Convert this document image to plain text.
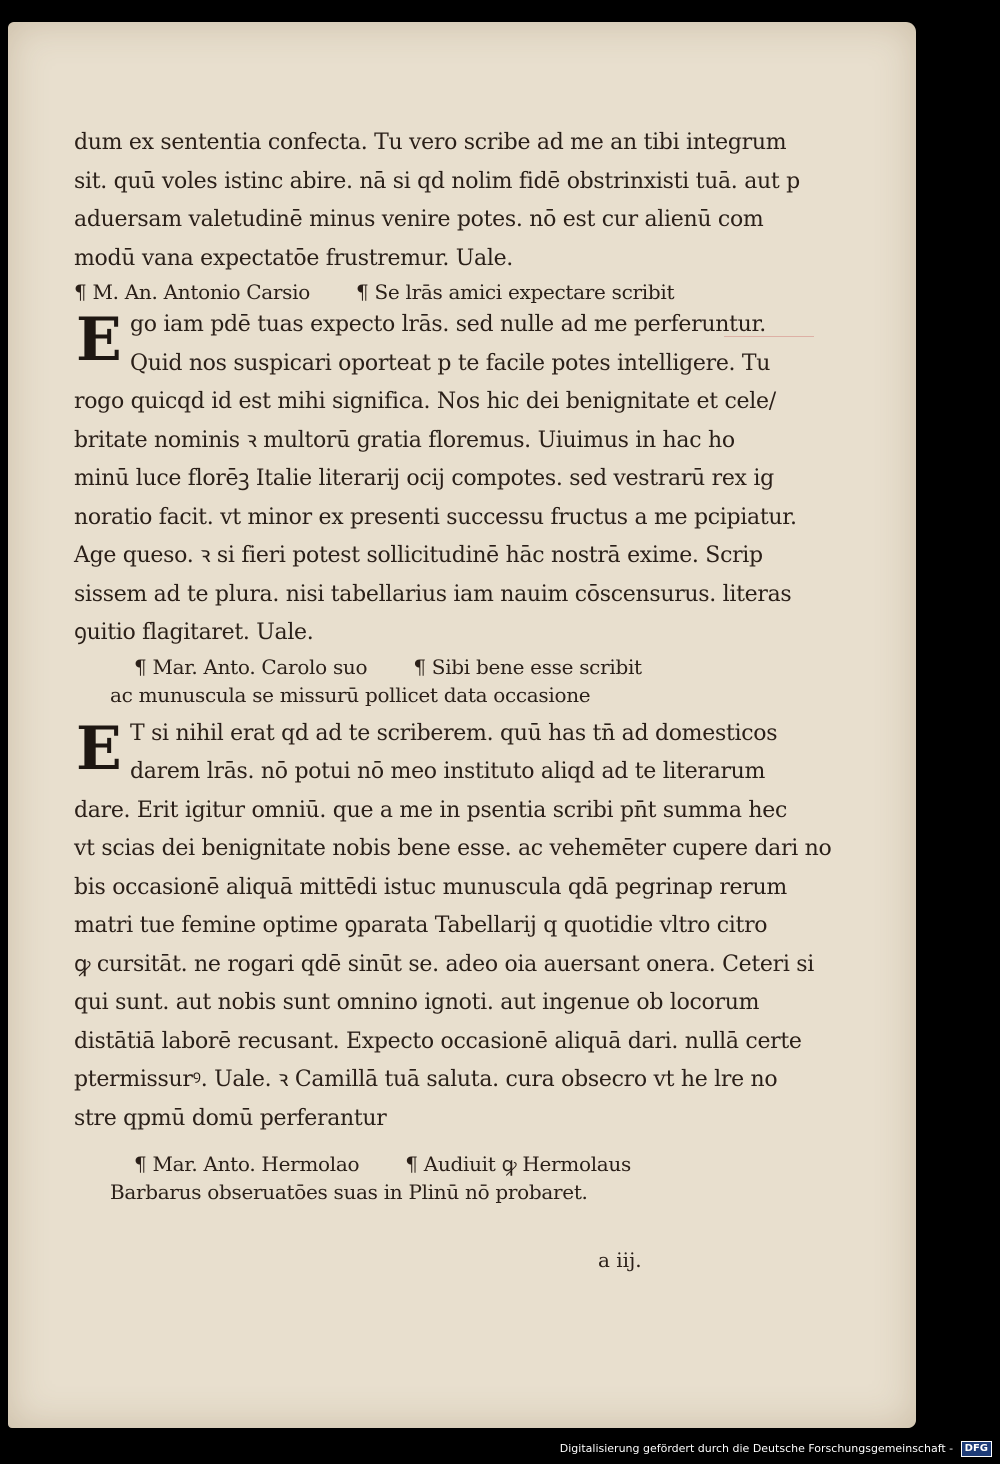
dum ex sententia confecta. Tu vero scribe ad me an tibi integrum
sit. quū voles istinc abire. nā si qd nolim fidē obstrinxisti tuā. aut p
aduersam valetudinē minus venire potes. nō est cur alienū com
modū vana expectatōe frustremur. Uale.
¶ M. An. Antonio Carsio ¶ Se lrās amici expectare scribit
E go iam pdē tuas expecto lrās. sed nulle ad me perferuntur.
Quid nos suspicari oporteat p te facile potes intelligere. Tu
rogo quicqd id est mihi significa. Nos hic dei benignitate et cele/
britate nominis ꝛ multorū gratia floremus. Uiuimus in hac ho
minū luce florēꝫ Italie literarij ocij compotes. sed vestrarū rex ig
noratio facit. vt minor ex presenti successu fructus a me pcipiatur.
Age queso. ꝛ si fieri potest sollicitudinē hāc nostrā exime. Scrip
sissem ad te plura. nisi tabellarius iam nauim cōscensurus. literas
ꝯuitio flagitaret. Uale.
¶ Mar. Anto. Carolo suo ¶ Sibi bene esse scribit
ac munuscula se missurū pollicet data occasione
E T si nihil erat qd ad te scriberem. quū has tn̄ ad domesticos
darem lrās. nō potui nō meo instituto aliqd ad te literarum
dare. Erit igitur omniū. que a me in psentia scribi pn̄t summa hec
vt scias dei benignitate nobis bene esse. ac vehemēter cupere dari no
bis occasionē aliquā mittēdi istuc munuscula qdā pegrinap rerum
matri tue femine optime ꝯparata Tabellarij q quotidie vltro citro
ꝙ cursitāt. ne rogari qdē sinūt se. adeo oia auersant onera. Ceteri si
qui sunt. aut nobis sunt omnino ignoti. aut ingenue ob locorum
distātiā laborē recusant. Expecto occasionē aliquā dari. nullā certe
ptermissurꝰ. Uale. ꝛ Camillā tuā saluta. cura obsecro vt he lre no
stre qpmū domū perferantur
¶ Mar. Anto. Hermolao ¶ Audiuit ꝙ Hermolaus
Barbarus obseruatōes suas in Plinū nō probaret.
a iij.
Digitalisierung gefördert durch die Deutsche Forschungsgemeinschaft - DFG
